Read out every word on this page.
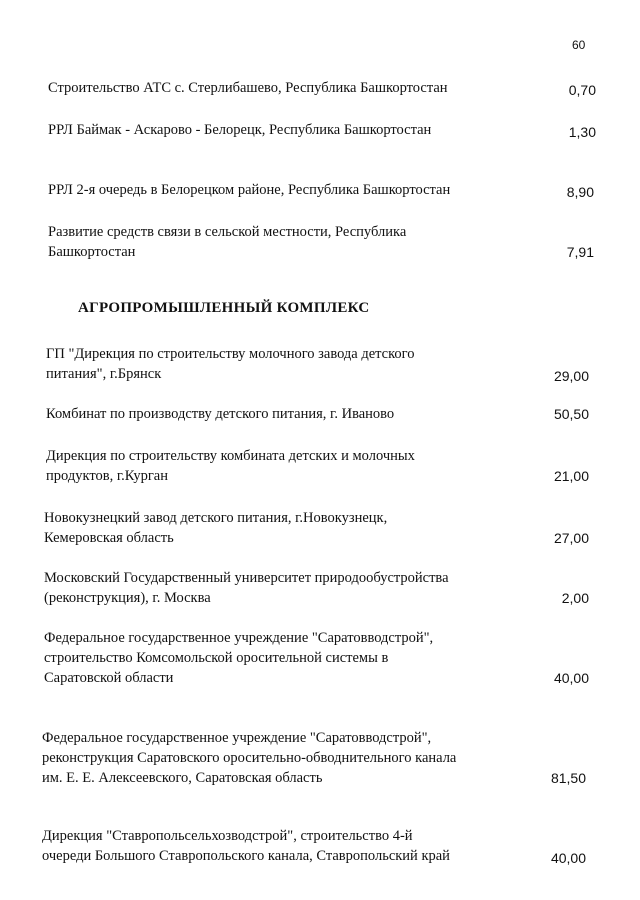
60
Строительство АТС с. Стерлибашево, Республика Башкортостан	0,70
РРЛ Баймак - Аскарово - Белорецк, Республика Башкортостан	1,30
РРЛ 2-я очередь в Белорецком районе, Республика Башкортостан	8,90
Развитие средств связи в сельской местности, Республика
Башкортостан	7,91
АГРОПРОМЫШЛЕННЫЙ КОМПЛЕКС
ГП "Дирекция по строительству молочного завода детского
питания", г.Брянск	29,00
Комбинат по производству детского питания, г. Иваново	50,50
Дирекция по строительству комбината детских и молочных
продуктов, г.Курган	21,00
Новокузнецкий завод детского питания, г.Новокузнецк,
Кемеровская область	27,00
Московский Государственный университет природообустройства
(реконструкция), г. Москва	2,00
Федеральное государственное учреждение "Саратовводстрой",
строительство Комсомольской оросительной системы в
Саратовской области	40,00
Федеральное государственное учреждение "Саратовводстрой",
реконструкция Саратовского оросительно-обводнительного канала
им. Е. Е. Алексеевского, Саратовская область	81,50
Дирекция "Ставропольсельхозводстрой", строительство 4-й
очереди Большого Ставропольского канала, Ставропольский край	40,00
